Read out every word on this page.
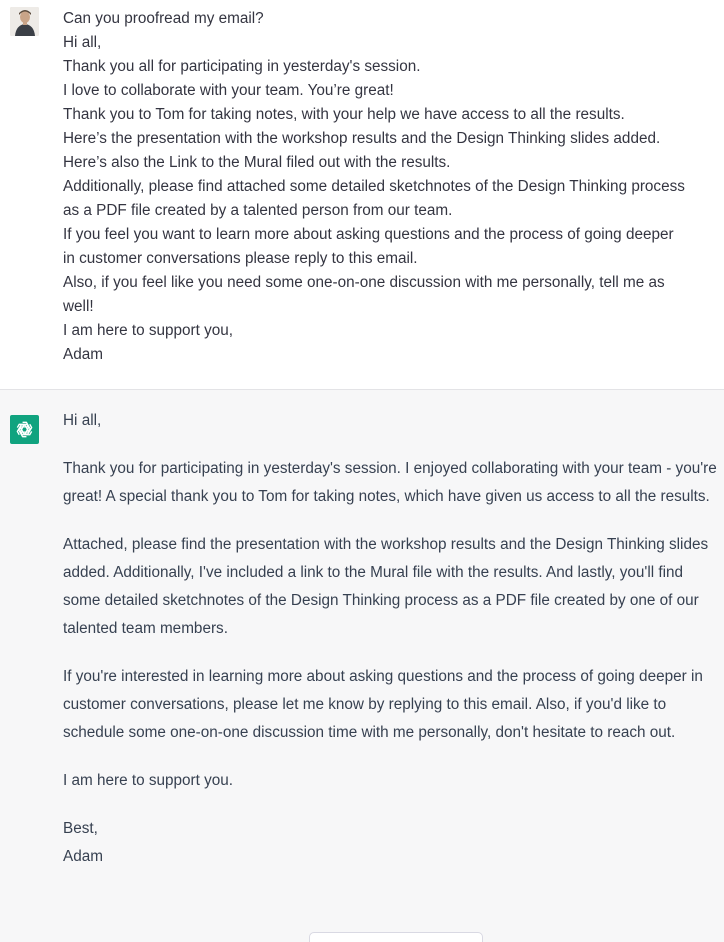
Can you proofread my email?
Hi all,
Thank you all for participating in yesterday's session.
I love to collaborate with your team. You’re great!
Thank you to Tom for taking notes, with your help we have access to all the results.
Here’s the presentation with the workshop results and the Design Thinking slides added.
Here’s also the Link to the Mural filed out with the results.
Additionally, please find attached some detailed sketchnotes of the Design Thinking process
as a PDF file created by a talented person from our team.
If you feel you want to learn more about asking questions and the process of going deeper
in customer conversations please reply to this email.
Also, if you feel like you need some one-on-one discussion with me personally, tell me as
well!
I am here to support you,
Adam

Hi all,

Thank you for participating in yesterday's session. I enjoyed collaborating with your team - you're great! A special thank you to Tom for taking notes, which have given us access to all the results.

Attached, please find the presentation with the workshop results and the Design Thinking slides added. Additionally, I've included a link to the Mural file with the results. And lastly, you'll find some detailed sketchnotes of the Design Thinking process as a PDF file created by one of our talented team members.

If you're interested in learning more about asking questions and the process of going deeper in customer conversations, please let me know by replying to this email. Also, if you'd like to schedule some one-on-one discussion time with me personally, don't hesitate to reach out.

I am here to support you.

Best,
Adam
